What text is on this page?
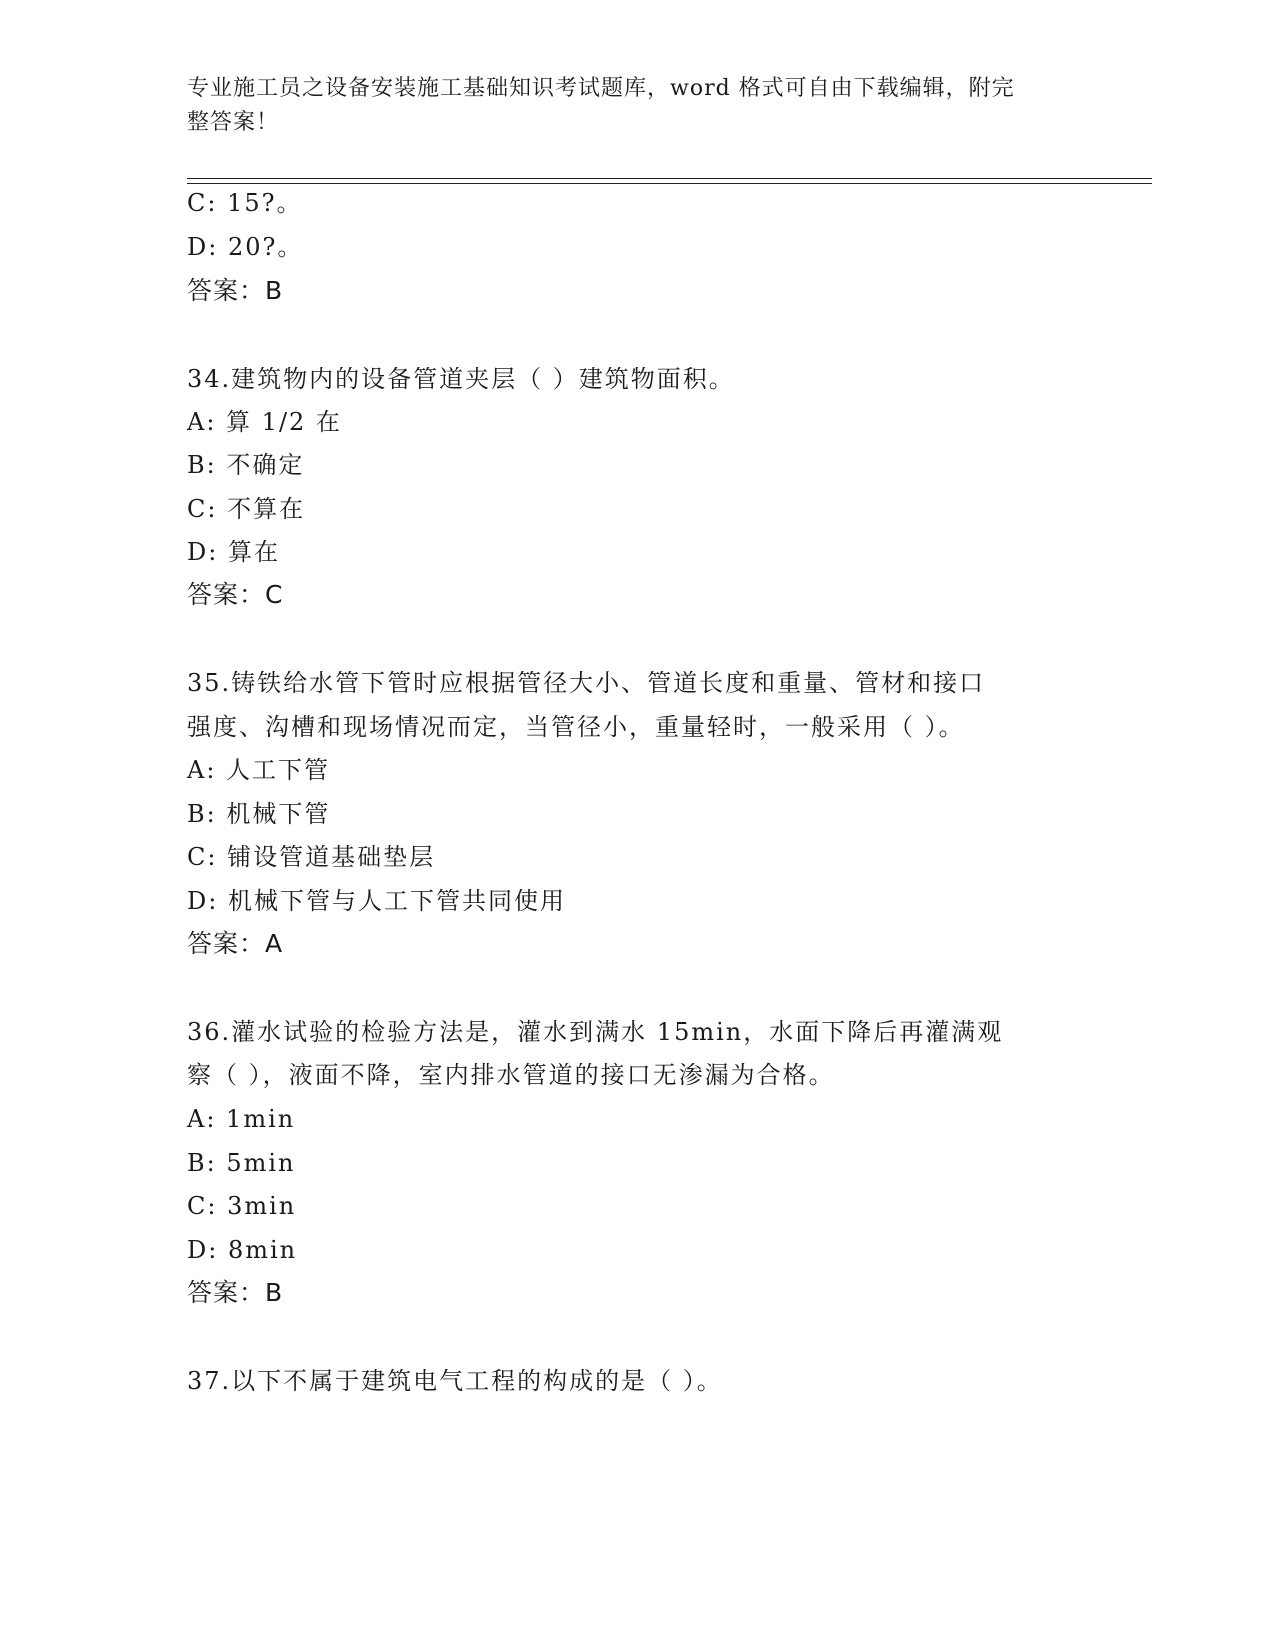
专业施工员之设备安装施工基础知识考试题库，word 格式可自由下载编辑，附完
整答案！
C: 15?。
D: 20?。
答案：B
34.建筑物内的设备管道夹层（ ）建筑物面积。
A: 算 1/2 在
B: 不确定
C: 不算在
D: 算在
答案：C
35.铸铁给水管下管时应根据管径大小、管道长度和重量、管材和接口
强度、沟槽和现场情况而定，当管径小，重量轻时，一般采用（ ）。
A: 人工下管
B: 机械下管
C: 铺设管道基础垫层
D: 机械下管与人工下管共同使用
答案：A
36.灌水试验的检验方法是，灌水到满水 15min，水面下降后再灌满观
察（ ），液面不降，室内排水管道的接口无渗漏为合格。
A: 1min
B: 5min
C: 3min
D: 8min
答案：B
37.以下不属于建筑电气工程的构成的是（ ）。
